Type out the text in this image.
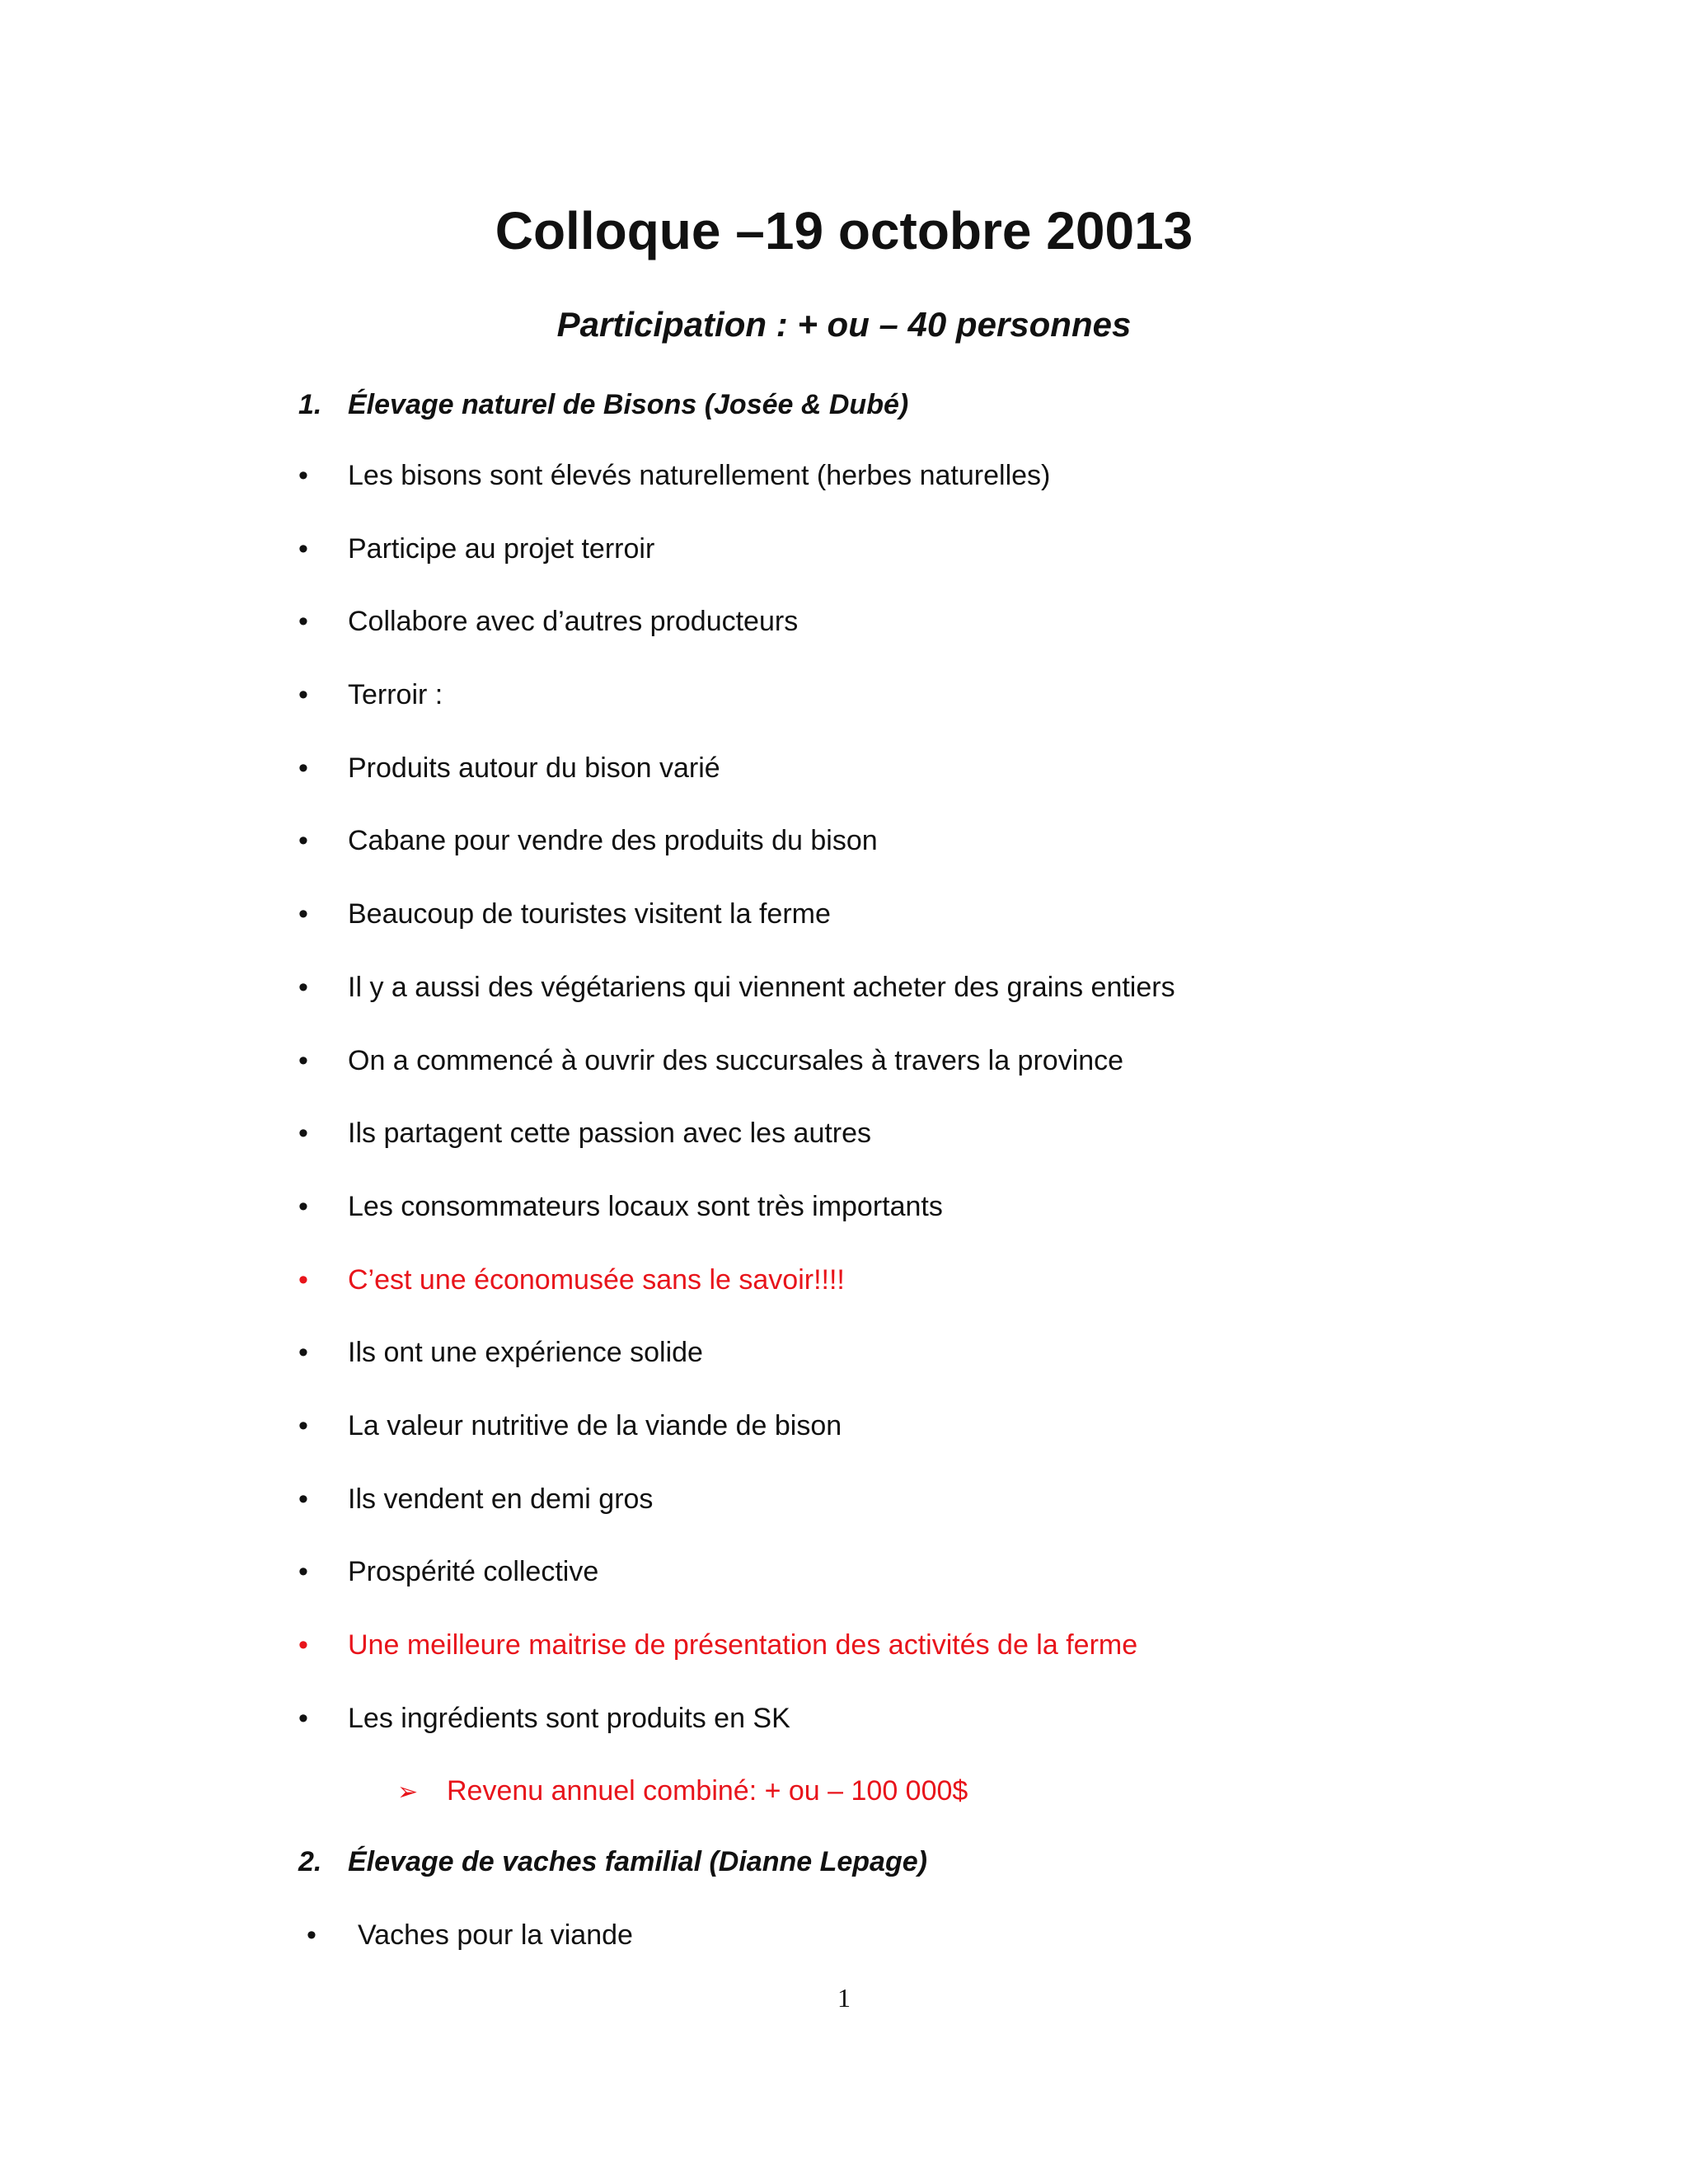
Colloque –19 octobre 20013
Participation : + ou – 40 personnes
1. Élevage naturel de Bisons (Josée & Dubé)
•	Les bisons sont élevés naturellement (herbes naturelles)
•	Participe au projet terroir
•	Collabore avec d’autres producteurs
•	Terroir :
•	Produits autour du bison varié
•	Cabane pour vendre des produits du bison
•	Beaucoup de touristes visitent la ferme
•	Il y a aussi des végétariens qui viennent acheter des grains entiers
•	On a commencé à ouvrir des succursales à travers la province
•	Ils partagent cette passion avec les autres
•	Les consommateurs locaux sont très importants
•	C’est une économusée sans le savoir!!!!
•	Ils ont une expérience solide
•	La valeur nutritive de la viande de bison
•	Ils vendent en demi gros
•	Prospérité collective
•	Une meilleure maitrise de présentation des activités de la ferme
•	Les ingrédients sont produits en SK
➢ Revenu annuel combiné: + ou – 100 000$
2. Élevage de vaches familial (Dianne Lepage)
• Vaches pour la viande
1
